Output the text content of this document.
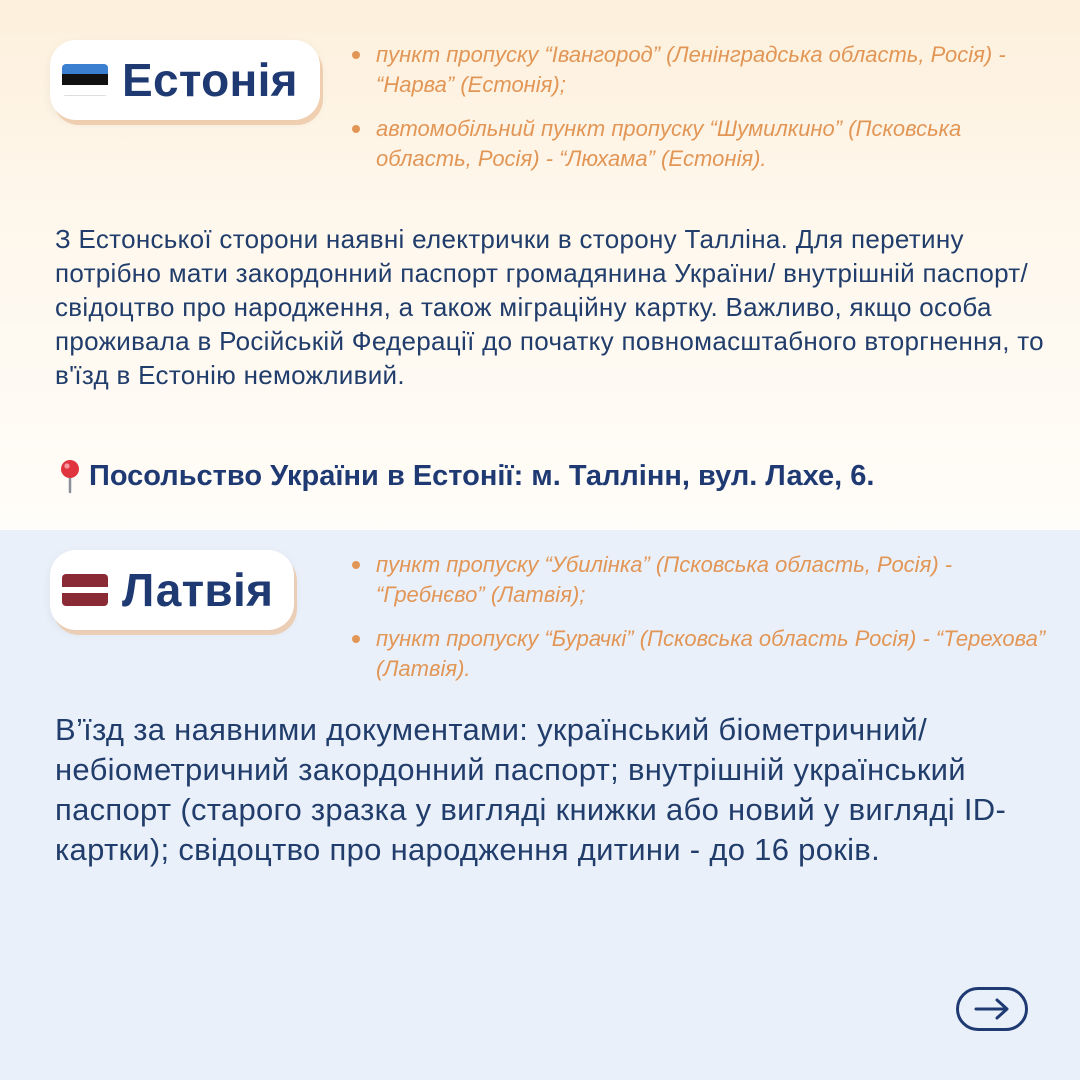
Естонія	пункт пропуску “Івангород” (Ленінградська область, Росія) - “Нарва” (Естонія);
автомобільний пункт пропуску “Шумилкино” (Псковська область, Росія) - “Люхама” (Естонія).

З Естонської сторони наявні електрички в сторону Талліна. Для перетину потрібно мати закордонний паспорт громадянина України/ внутрішній паспорт/ свідоцтво про народження, а також міграційну картку. Важливо, якщо особа проживала в Російській Федерації до початку повномасштабного вторгнення, то в'їзд в Естонію неможливий.

Посольство України в Естонії: м. Таллінн, вул. Лахе, 6.
Латвія	пункт пропуску “Убилінка” (Псковська область, Росія) - “Гребнєво” (Латвія);
пункт пропуску “Бурачкі” (Псковська область Росія) - “Терехова” (Латвія).

В’їзд за наявними документами: український біометричний/небіометричний закордонний паспорт; внутрішній український паспорт (старого зразка у вигляді книжки або новий у вигляді ID-картки); свідоцтво про народження дитини - до 16 років.
